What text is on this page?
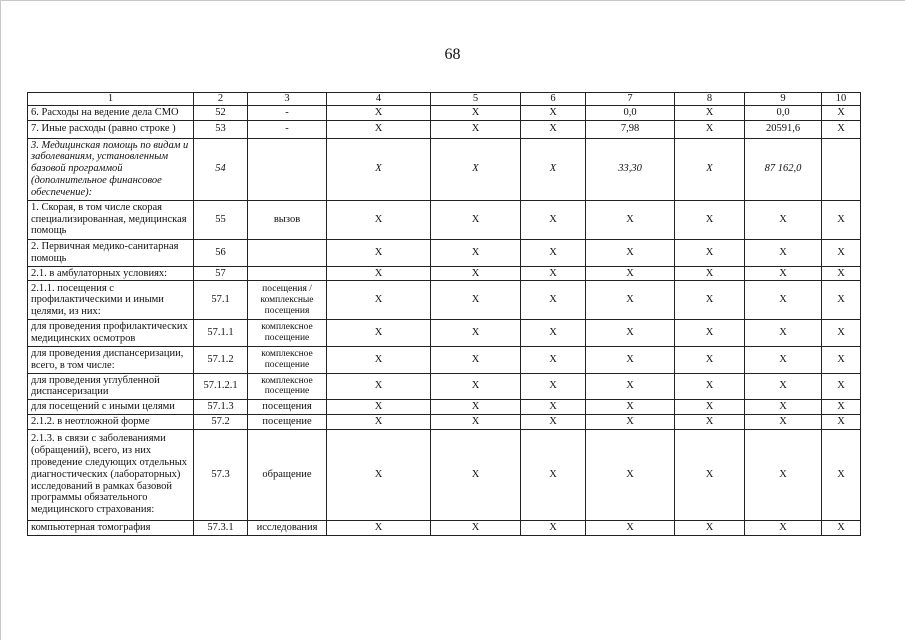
68
1	2	3	4	5	6	7	8	9	10
6. Расходы на ведение дела СМО	52	-	X	X	X	0,0	X	0,0	X
7. Иные расходы (равно строке )	53	-	X	X	X	7,98	X	20591,6	X
3. Медицинская помощь по видам и заболеваниям, установленным базовой программой (дополнительное финансовое обеспечение):	54		X	X	X	33,30	X	87 162,0	
1. Скорая, в том числе скорая специализированная, медицинская помощь	55	вызов	X	X	X	X	X	X	X
2. Первичная медико-санитарная помощь	56		X	X	X	X	X	X	X
2.1. в амбулаторных условиях:	57		X	X	X	X	X	X	X
2.1.1. посещения с профилактическими и иными целями, из них:	57.1	посещения / комплексные посещения	X	X	X	X	X	X	X
для проведения профилактических медицинских осмотров	57.1.1	комплексное посещение	X	X	X	X	X	X	X
для проведения диспансеризации, всего, в том числе:	57.1.2	комплексное посещение	X	X	X	X	X	X	X
для проведения углубленной диспансеризации	57.1.2.1	комплексное посещение	X	X	X	X	X	X	X
для посещений с иными целями	57.1.3	посещения	X	X	X	X	X	X	X
2.1.2. в неотложной форме	57.2	посещение	X	X	X	X	X	X	X
2.1.3. в связи с заболеваниями (обращений), всего, из них проведение следующих отдельных диагностических (лабораторных) исследований в рамках базовой программы обязательного медицинского страхования:	57.3	обращение	X	X	X	X	X	X	X
компьютерная томография	57.3.1	исследования	X	X	X	X	X	X	X
